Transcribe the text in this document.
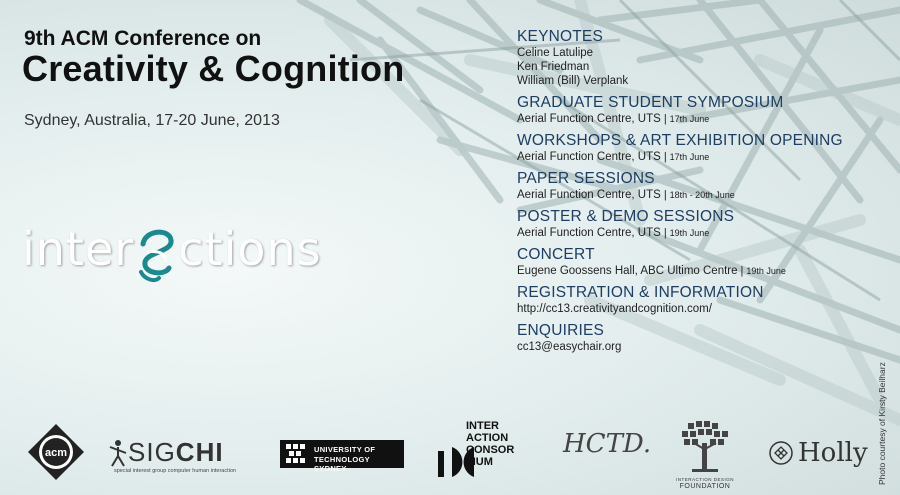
9th ACM Conference on
Creativity & Cognition
Sydney, Australia, 17-20 June, 2013
inter ctions
KEYNOTES
Celine Latulipe
Ken Friedman
William (Bill) Verplank
GRADUATE STUDENT SYMPOSIUM
Aerial Function Centre, UTS | 17th June
WORKSHOPS & ART EXHIBITION OPENING
Aerial Function Centre, UTS | 17th June
PAPER SESSIONS
Aerial Function Centre, UTS | 18th - 20th June
POSTER & DEMO SESSIONS
Aerial Function Centre, UTS | 19th June
CONCERT
Eugene Goossens Hall, ABC Ultimo Centre | 19th June
REGISTRATION & INFORMATION
http://cc13.creativityandcognition.com/
ENQUIRIES
cc13@easychair.org
Photo courtesy of Kirsty Beilharz
acm SIG CHI
special interest group computer human interaction
UNIVERSITY OF
TECHNOLOGY SYDNEY
INTER
ACTION
CONSOR
TIUM
HCTD.
INTERACTION DESIGN
FOUNDATION
Holly
